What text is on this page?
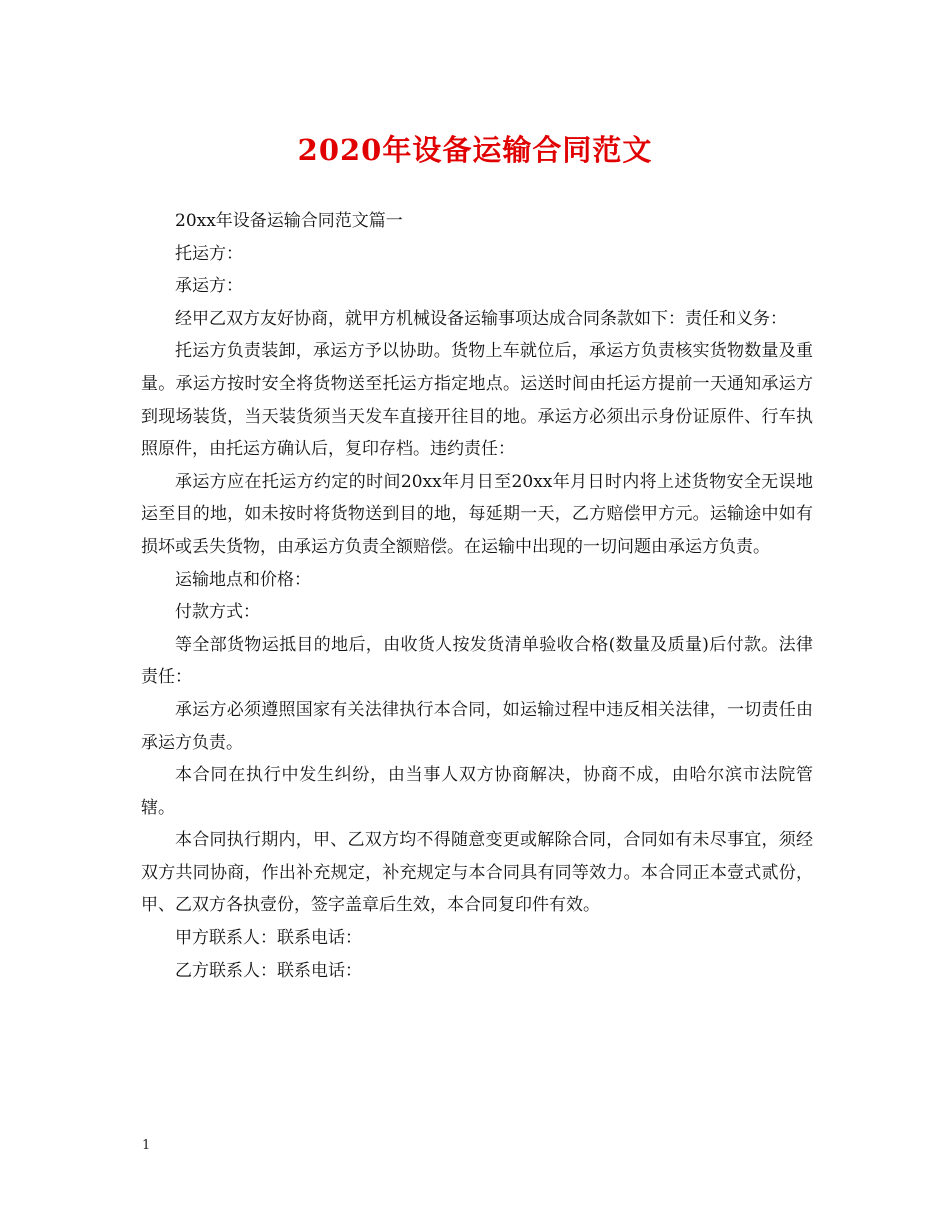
2020年设备运输合同范文

20xx年设备运输合同范文篇一

托运方：

承运方：

经甲乙双方友好协商，就甲方机械设备运输事项达成合同条款如下：责任和义务：

托运方负责装卸，承运方予以协助。货物上车就位后，承运方负责核实货物数量及重量。承运方按时安全将货物送至托运方指定地点。运送时间由托运方提前一天通知承运方到现场装货，当天装货须当天发车直接开往目的地。承运方必须出示身份证原件、行车执照原件，由托运方确认后，复印存档。违约责任：

承运方应在托运方约定的时间20xx年月日至20xx年月日时内将上述货物安全无误地运至目的地，如未按时将货物送到目的地，每延期一天，乙方赔偿甲方元。运输途中如有损坏或丢失货物，由承运方负责全额赔偿。在运输中出现的一切问题由承运方负责。

运输地点和价格：

付款方式：

等全部货物运抵目的地后，由收货人按发货清单验收合格(数量及质量)后付款。法律责任：

承运方必须遵照国家有关法律执行本合同，如运输过程中违反相关法律，一切责任由承运方负责。

本合同在执行中发生纠纷，由当事人双方协商解决，协商不成，由哈尔滨市法院管辖。

本合同执行期内，甲、乙双方均不得随意变更或解除合同，合同如有未尽事宜，须经双方共同协商，作出补充规定，补充规定与本合同具有同等效力。本合同正本壹式贰份，甲、乙双方各执壹份，签字盖章后生效，本合同复印件有效。

甲方联系人：联系电话：

乙方联系人：联系电话：

1
